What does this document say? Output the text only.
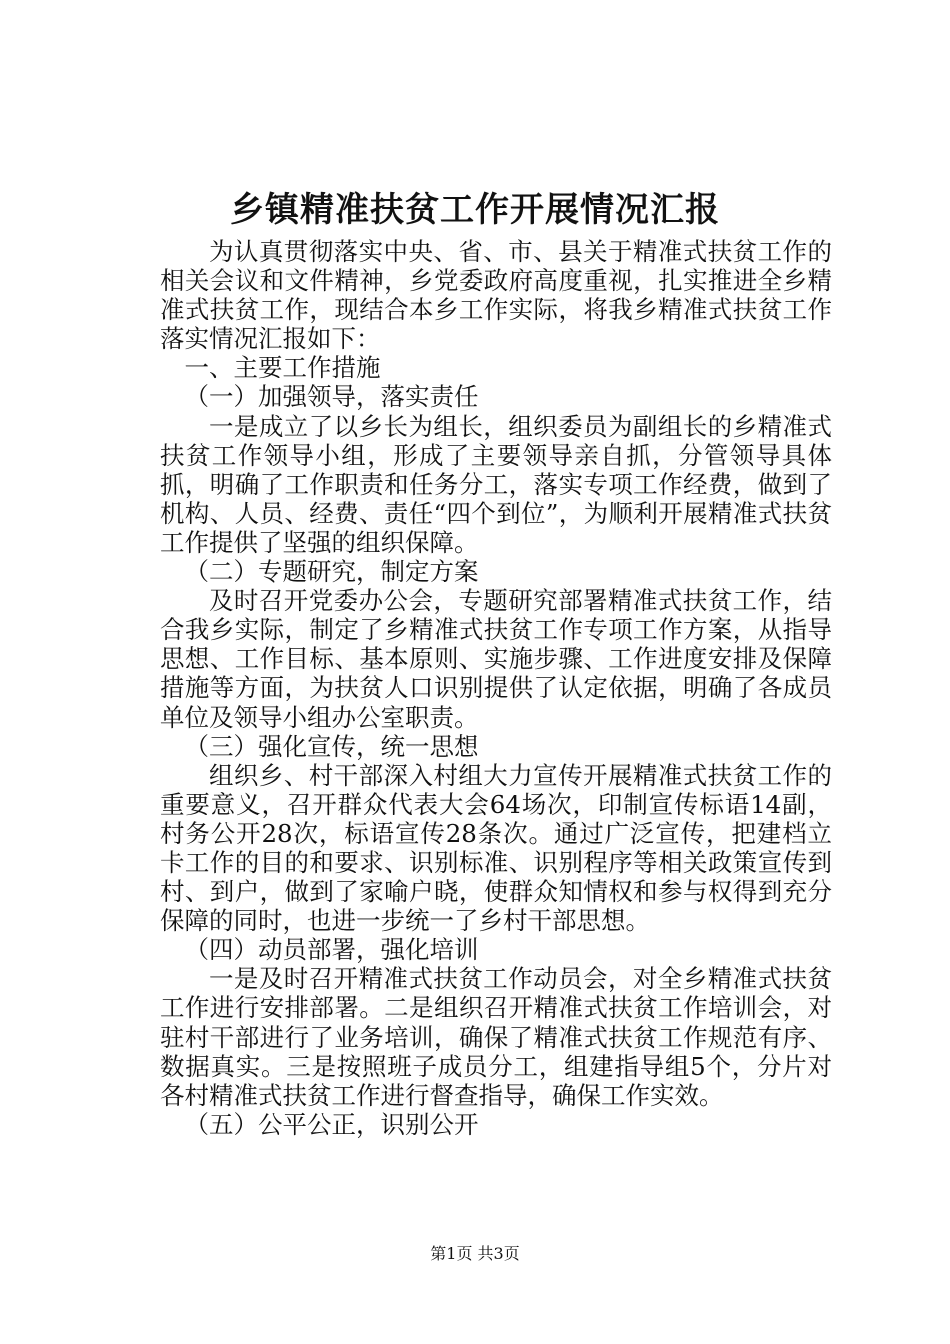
乡镇精准扶贫工作开展情况汇报

为认真贯彻落实中央、省、市、县关于精准式扶贫工作的相关会议和文件精神，乡党委政府高度重视，扎实推进全乡精准式扶贫工作，现结合本乡工作实际，将我乡精准式扶贫工作落实情况汇报如下：

一、主要工作措施

（一）加强领导，落实责任

一是成立了以乡长为组长，组织委员为副组长的乡精准式扶贫工作领导小组，形成了主要领导亲自抓，分管领导具体抓，明确了工作职责和任务分工，落实专项工作经费，做到了机构、人员、经费、责任“四个到位”，为顺利开展精准式扶贫工作提供了坚强的组织保障。

（二）专题研究，制定方案

及时召开党委办公会，专题研究部署精准式扶贫工作，结合我乡实际，制定了乡精准式扶贫工作专项工作方案，从指导思想、工作目标、基本原则、实施步骤、工作进度安排及保障措施等方面，为扶贫人口识别提供了认定依据，明确了各成员单位及领导小组办公室职责。

（三）强化宣传，统一思想

组织乡、村干部深入村组大力宣传开展精准式扶贫工作的重要意义，召开群众代表大会64场次，印制宣传标语14副，村务公开28次，标语宣传28条次。通过广泛宣传，把建档立卡工作的目的和要求、识别标准、识别程序等相关政策宣传到村、到户，做到了家喻户晓，使群众知情权和参与权得到充分保障的同时，也进一步统一了乡村干部思想。

（四）动员部署，强化培训

一是及时召开精准式扶贫工作动员会，对全乡精准式扶贫工作进行安排部署。二是组织召开精准式扶贫工作培训会，对驻村干部进行了业务培训，确保了精准式扶贫工作规范有序、数据真实。三是按照班子成员分工，组建指导组5个，分片对各村精准式扶贫工作进行督查指导，确保工作实效。

（五）公平公正，识别公开

第1页 共3页
